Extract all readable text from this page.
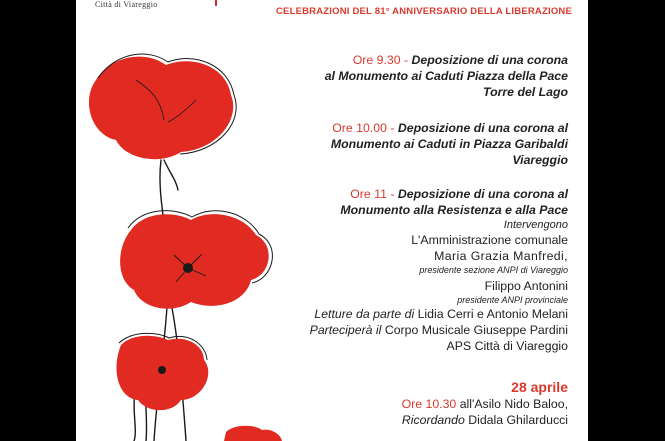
Città di Viareggio
CELEBRAZIONI DEL 81° ANNIVERSARIO DELLA LIBERAZIONE
Ore 9.30 - Deposizione di una corona
al Monumento ai Caduti Piazza della Pace
Torre del Lago
Ore 10.00 - Deposizione di una corona al
Monumento ai Caduti in Piazza Garibaldi
Viareggio
Ore 11 - Deposizione di una corona al
Monumento alla Resistenza e alla Pace
Intervengono
L'Amministrazione comunale
Maria Grazia Manfredi,
presidente sezione ANPI di Viareggio
Filippo Antonini
presidente ANPI provinciale
Letture da parte di Lidia Cerri e Antonio Melani
Parteciperà il Corpo Musicale Giuseppe Pardini
APS Città di Viareggio
28 aprile
Ore 10.30 all'Asilo Nido Baloo,
Ricordando Didala Ghilarducci
